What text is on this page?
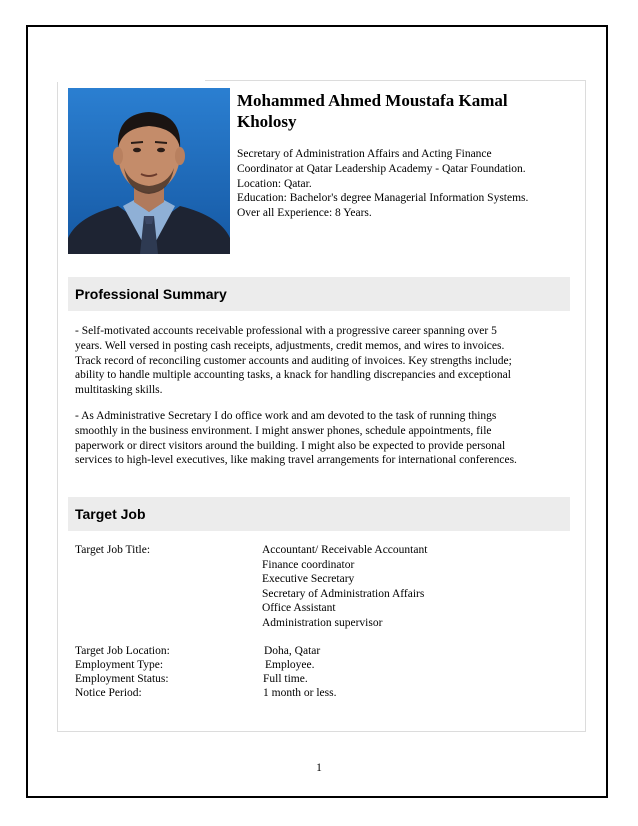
Mohammed Ahmed Moustafa Kamal
Kholosy
Secretary of Administration Affairs and Acting Finance
Coordinator at Qatar Leadership Academy - Qatar Foundation.
Location: Qatar.
Education: Bachelor's degree Managerial Information Systems.
Over all Experience: 8 Years.
Professional Summary
- Self-motivated accounts receivable professional with a progressive career spanning over 5
years. Well versed in posting cash receipts, adjustments, credit memos, and wires to invoices.
Track record of reconciling customer accounts and auditing of invoices. Key strengths include;
ability to handle multiple accounting tasks, a knack for handling discrepancies and exceptional
multitasking skills.
- As Administrative Secretary I do office work and am devoted to the task of running things
smoothly in the business environment. I might answer phones, schedule appointments, file
paperwork or direct visitors around the building. I might also be expected to provide personal
services to high-level executives, like making travel arrangements for international conferences.
Target Job
Target Job Title:	Accountant/ Receivable Accountant
Finance coordinator
Executive Secretary
Secretary of Administration Affairs
Office Assistant
Administration supervisor
Target Job Location:	Doha, Qatar
Employment Type:	Employee.
Employment Status:	Full time.
Notice Period:	1 month or less.
1
